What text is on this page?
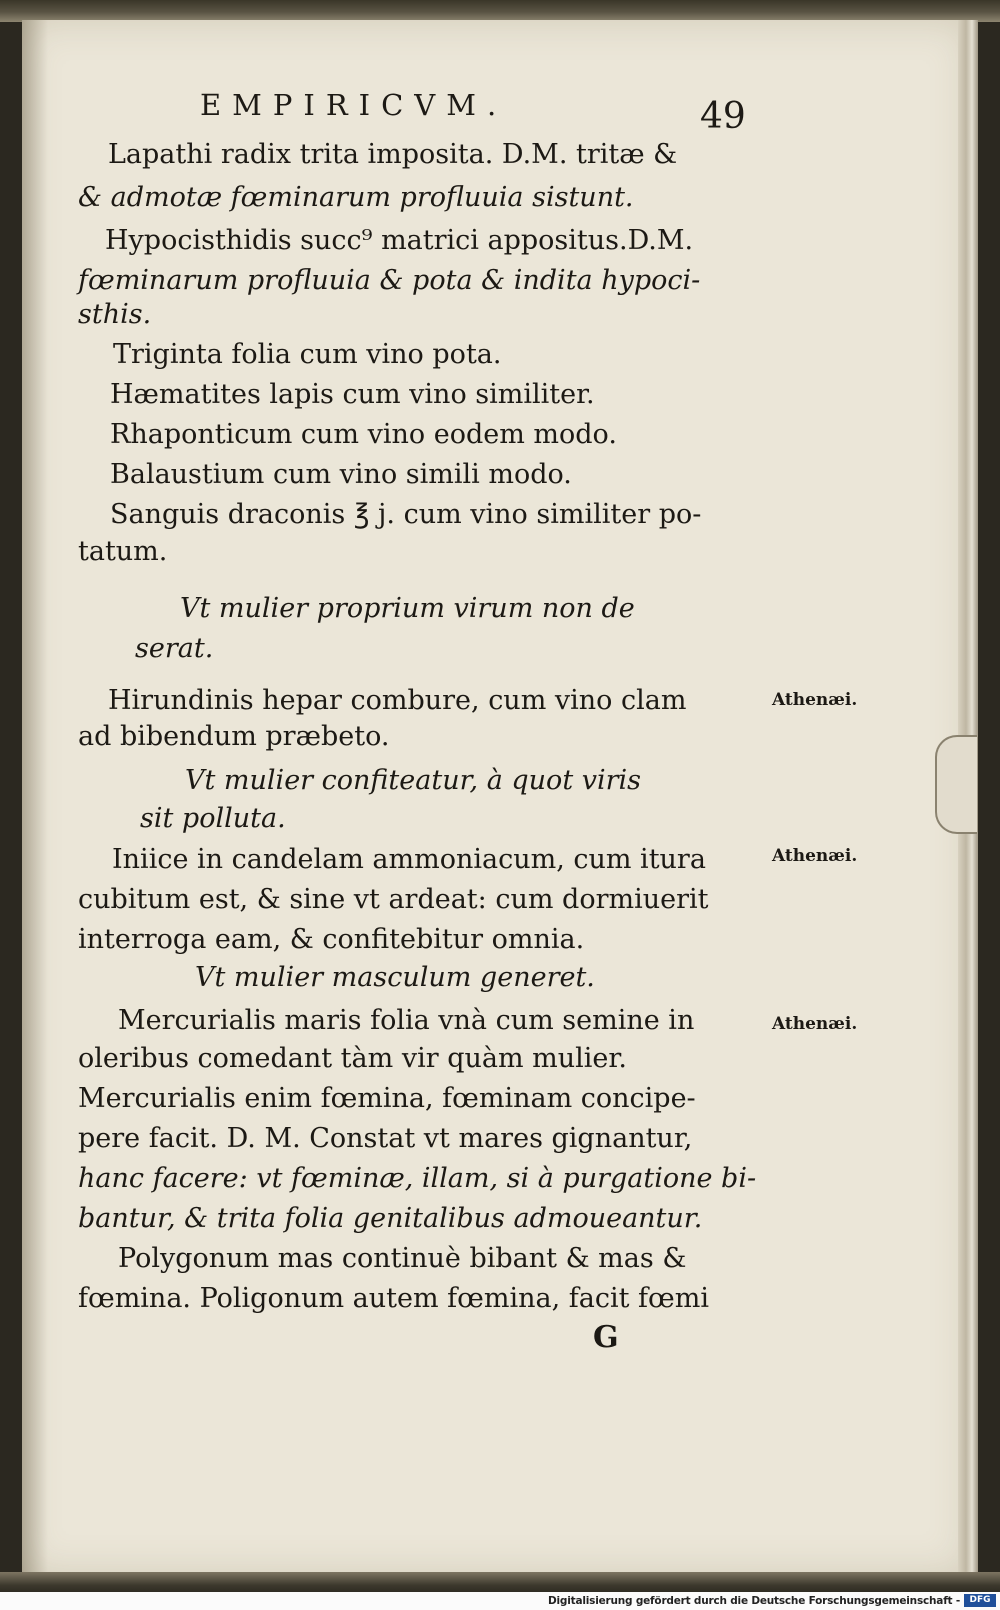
EMPIRICVM.	49
Lapathi radix trita imposita. D.M. tritæ &
& admotæ fœminarum profluuia sistunt.
Hypocisthidis succ⁹ matrici appositus.D.M.
fœminarum profluuia & pota & indita hypoci-
sthis.
Triginta folia cum vino pota.
Hæmatites lapis cum vino similiter.
Rhaponticum cum vino eodem modo.
Balaustium cum vino simili modo.
Sanguis draconis ℥ j. cum vino similiter po-
tatum.
Vt mulier proprium virum non de
serat.
Hirundinis hepar combure, cum vino clam
ad bibendum præbeto.
Vt mulier confiteatur, à quot viris
sit polluta.
Iniice in candelam ammoniacum, cum itura
cubitum est, & sine vt ardeat: cum dormiuerit
interroga eam, & confitebitur omnia.
Vt mulier masculum generet.
Mercurialis maris folia vnà cum semine in
oleribus comedant tàm vir quàm mulier.
Mercurialis enim fœmina, fœminam concipe-
pere facit. D. M. Constat vt mares gignantur,
hanc facere: vt fœminæ, illam, si à purgatione bi-
bantur, & trita folia genitalibus admoueantur.
Polygonum mas continuè bibant & mas &
fœmina. Poligonum autem fœmina, facit fœmi
Athenæi.
Athenæi.
Athenæi.
G
Digitalisierung gefördert durch die Deutsche Forschungsgemeinschaft -	DFG
